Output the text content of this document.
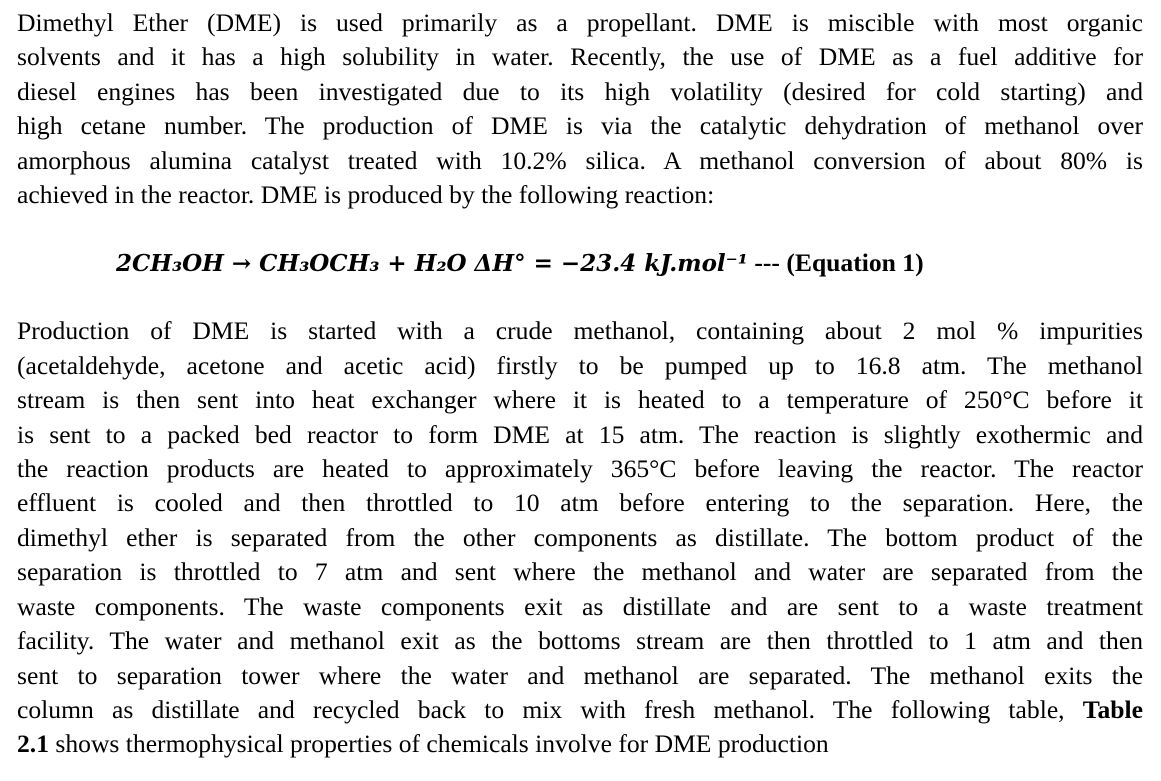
Dimethyl Ether (DME) is used primarily as a propellant. DME is miscible with most organic
solvents and it has a high solubility in water. Recently, the use of DME as a fuel additive for
diesel engines has been investigated due to its high volatility (desired for cold starting) and
high cetane number. The production of DME is via the catalytic dehydration of methanol over
amorphous alumina catalyst treated with 10.2% silica. A methanol conversion of about 80% is
achieved in the reactor. DME is produced by the following reaction:

2CH₃OH → CH₃OCH₃ + H₂O ΔH° = −23.4 kJ.mol⁻¹ --- (Equation 1)

Production of DME is started with a crude methanol, containing about 2 mol % impurities
(acetaldehyde, acetone and acetic acid) firstly to be pumped up to 16.8 atm. The methanol
stream is then sent into heat exchanger where it is heated to a temperature of 250°C before it
is sent to a packed bed reactor to form DME at 15 atm. The reaction is slightly exothermic and
the reaction products are heated to approximately 365°C before leaving the reactor. The reactor
effluent is cooled and then throttled to 10 atm before entering to the separation. Here, the
dimethyl ether is separated from the other components as distillate. The bottom product of the
separation is throttled to 7 atm and sent where the methanol and water are separated from the
waste components. The waste components exit as distillate and are sent to a waste treatment
facility. The water and methanol exit as the bottoms stream are then throttled to 1 atm and then
sent to separation tower where the water and methanol are separated. The methanol exits the
column as distillate and recycled back to mix with fresh methanol. The following table, Table
2.1 shows thermophysical properties of chemicals involve for DME production
